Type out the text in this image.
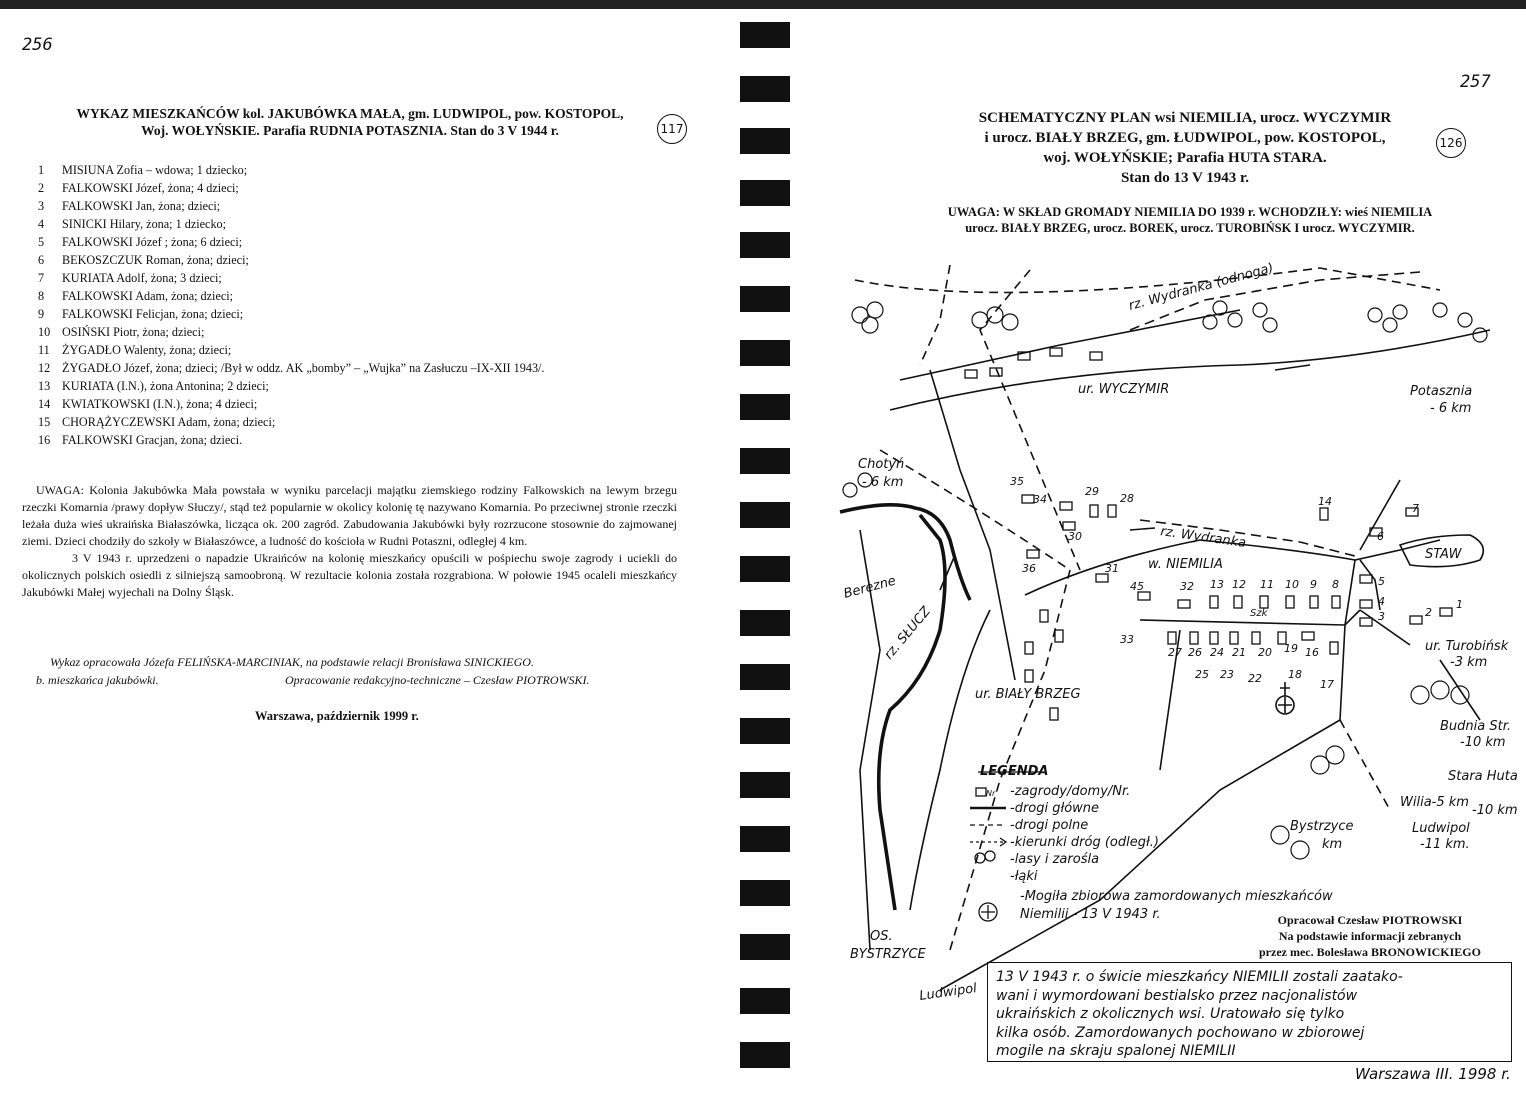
256
WYKAZ MIESZKAŃCÓW kol. JAKUBÓWKA MAŁA, gm. LUDWIPOL, pow. KOSTOPOL,
Woj. WOŁYŃSKIE. Parafia RUDNIA POTASZNIA. Stan do 3 V 1944 r.	117
1	MISIUNA Zofia – wdowa; 1 dziecko;
2	FALKOWSKI Józef, żona; 4 dzieci;
3	FALKOWSKI Jan, żona; dzieci;
4	SINICKI Hilary, żona; 1 dziecko;
5	FALKOWSKI Józef ; żona; 6 dzieci;
6	BEKOSZCZUK Roman, żona; dzieci;
7	KURIATA Adolf, żona; 3 dzieci;
8	FALKOWSKI Adam, żona; dzieci;
9	FALKOWSKI Felicjan, żona; dzieci;
10 OSIŃSKI Piotr, żona; dzieci;
11	ŻYGADŁO Walenty, żona; dzieci;
12 ŻYGADŁO Józef, żona; dzieci; /Był w oddz. AK „bomby” – „Wujka” na Zasłuczu –IX-XII 1943/.
13 KURIATA (I.N.), żona Antonina; 2 dzieci;
14 KWIATKOWSKI (I.N.), żona; 4 dzieci;
15 CHORĄŻYCZEWSKI Adam, żona; dzieci;
16 FALKOWSKI Gracjan, żona; dzieci.

UWAGA: Kolonia Jakubówka Mała powstała w wyniku parcelacji majątku ziemskiego rodziny Falkowskich na lewym brzegu rzeczki Komarnia /prawy dopływ Słuczy/, stąd też popularnie w okolicy kolonię tę nazywano Komarnia. Po przeciwnej stronie rzeczki leżała duża wieś ukraińska Białaszówka, licząca ok. 200 zagród. Zabudowania Jakubówki były rozrzucone stosownie do zajmowanej ziemi. Dzieci chodziły do szkoły w Białaszówce, a ludność do kościoła w Rudni Potaszni, odległej 4 km.

3 V 1943 r. uprzedzeni o napadzie Ukraińców na kolonię mieszkańcy opuścili w pośpiechu swoje zagrody i uciekli do okolicznych polskich osiedli z silniejszą samoobroną. W rezultacie kolonia została rozgrabiona. W połowie 1945 ocaleli mieszkańcy Jakubówki Małej wyjechali na Dolny Śląsk.

Wykaz opracowała Józefa FELIŃSKA-MARCINIAK, na podstawie relacji Bronisława SINICKIEGO.
b. mieszkańca jakubówki.	Opracowanie redakcyjno-techniczne – Czesław PIOTROWSKI.
Warszawa, październik 1999 r.
257
SCHEMATYCZNY PLAN wsi NIEMILIA, urocz. WYCZYMIR
i urocz. BIAŁY BRZEG, gm. ŁUDWIPOL, pow. KOSTOPOL,
woj. WOŁYŃSKIE; Parafia HUTA STARA.
Stan do 13 V 1943 r.
126
UWAGA: W SKŁAD GROMADY NIEMILIA DO 1939 r. WCHODZIŁY: wieś NIEMILIA
urocz. BIAŁY BRZEG, urocz. BOREK, urocz. TUROBIŃSK I urocz. WYCZYMIR.
rz. Wydranka (odnoga)
ur. WYCZYMIR	Potasznia
- 6 km
Chotyń
- 6 km
rz. Wydranka
STAW
w. NIEMILIA
Berezne
rz. SŁUCZ	Szk
ur. Turobińsk
-3 km
ur. BIAŁY BRZEG
Budnia Str.
-10 km
Stara Huta
-10 km
Wilia-5 km
Ludwipol
-11 km.
Bystrzyce
km
OS.
BYSTRZYCE
Ludwipol
35
34
29
28
30
36	31
45
33
32 13 12 11 10 9 8
14
6
7
5
4
3	2
1
27 26 24 21 20 19 16
25 23 22 18
17
LEGENDA
-zagrody/domy/Nr.
-drogi główne
-drogi polne
-kierunki dróg (odległ.)
-lasy i zarośla
-łąki
-Mogiła zbiorowa zamordowanych mieszkańców
Niemilii - 13 V 1943 r.
Nr
Opracował Czesław PIOTROWSKI
Na podstawie informacji zebranych
przez mec. Bolesława BRONOWICKIEGO
13 V 1943 r. o świcie mieszkańcy NIEMILII zostali zaatako-
wani i wymordowani bestialsko przez nacjonalistów
ukraińskich z okolicznych wsi. Uratowało się tylko
kilka osób. Zamordowanych pochowano w zbiorowej
mogile na skraju spalonej NIEMILII
Warszawa III. 1998 r.
